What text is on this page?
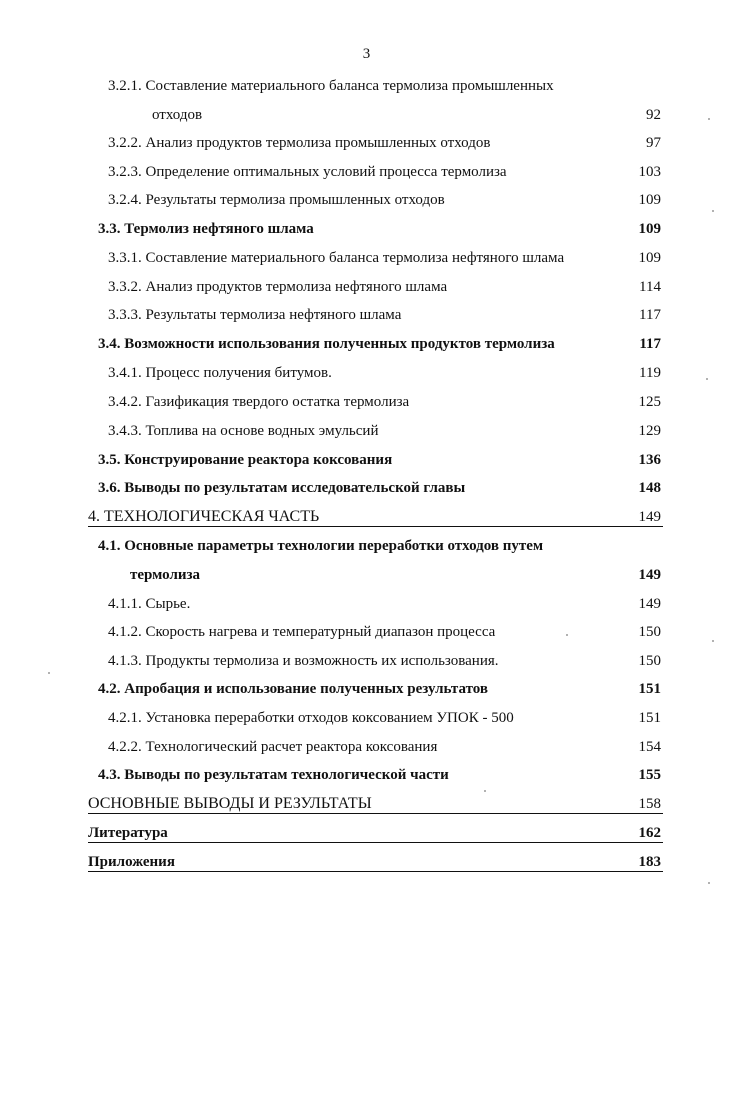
3
3.2.1. Составление материального баланса термолиза промышленных
отходов	92
3.2.2. Анализ продуктов термолиза промышленных отходов	97
3.2.3. Определение оптимальных условий процесса термолиза	103
3.2.4. Результаты термолиза промышленных отходов	109
3.3. Термолиз нефтяного шлама	109
3.3.1. Составление материального баланса термолиза нефтяного шлама	109
3.3.2. Анализ продуктов термолиза нефтяного шлама	114
3.3.3. Результаты термолиза нефтяного шлама	117
3.4. Возможности использования полученных продуктов термолиза	117
3.4.1. Процесс получения битумов.	119
3.4.2. Газификация твердого остатка термолиза	125
3.4.3. Топлива на основе водных эмульсий	129
3.5. Конструирование реактора коксования	136
3.6. Выводы по результатам исследовательской главы	148
4. ТЕХНОЛОГИЧЕСКАЯ ЧАСТЬ	149
4.1. Основные параметры технологии переработки отходов путем
термолиза	149
4.1.1. Сырье.	149
4.1.2. Скорость нагрева и температурный диапазон процесса	150
4.1.3. Продукты термолиза и возможность их использования.	150
4.2. Апробация и использование полученных результатов	151
4.2.1. Установка переработки отходов коксованием УПОК - 500	151
4.2.2. Технологический расчет реактора коксования	154
4.3. Выводы по результатам технологической части	155
ОСНОВНЫЕ ВЫВОДЫ И РЕЗУЛЬТАТЫ	158
Литература	162
Приложения	183
